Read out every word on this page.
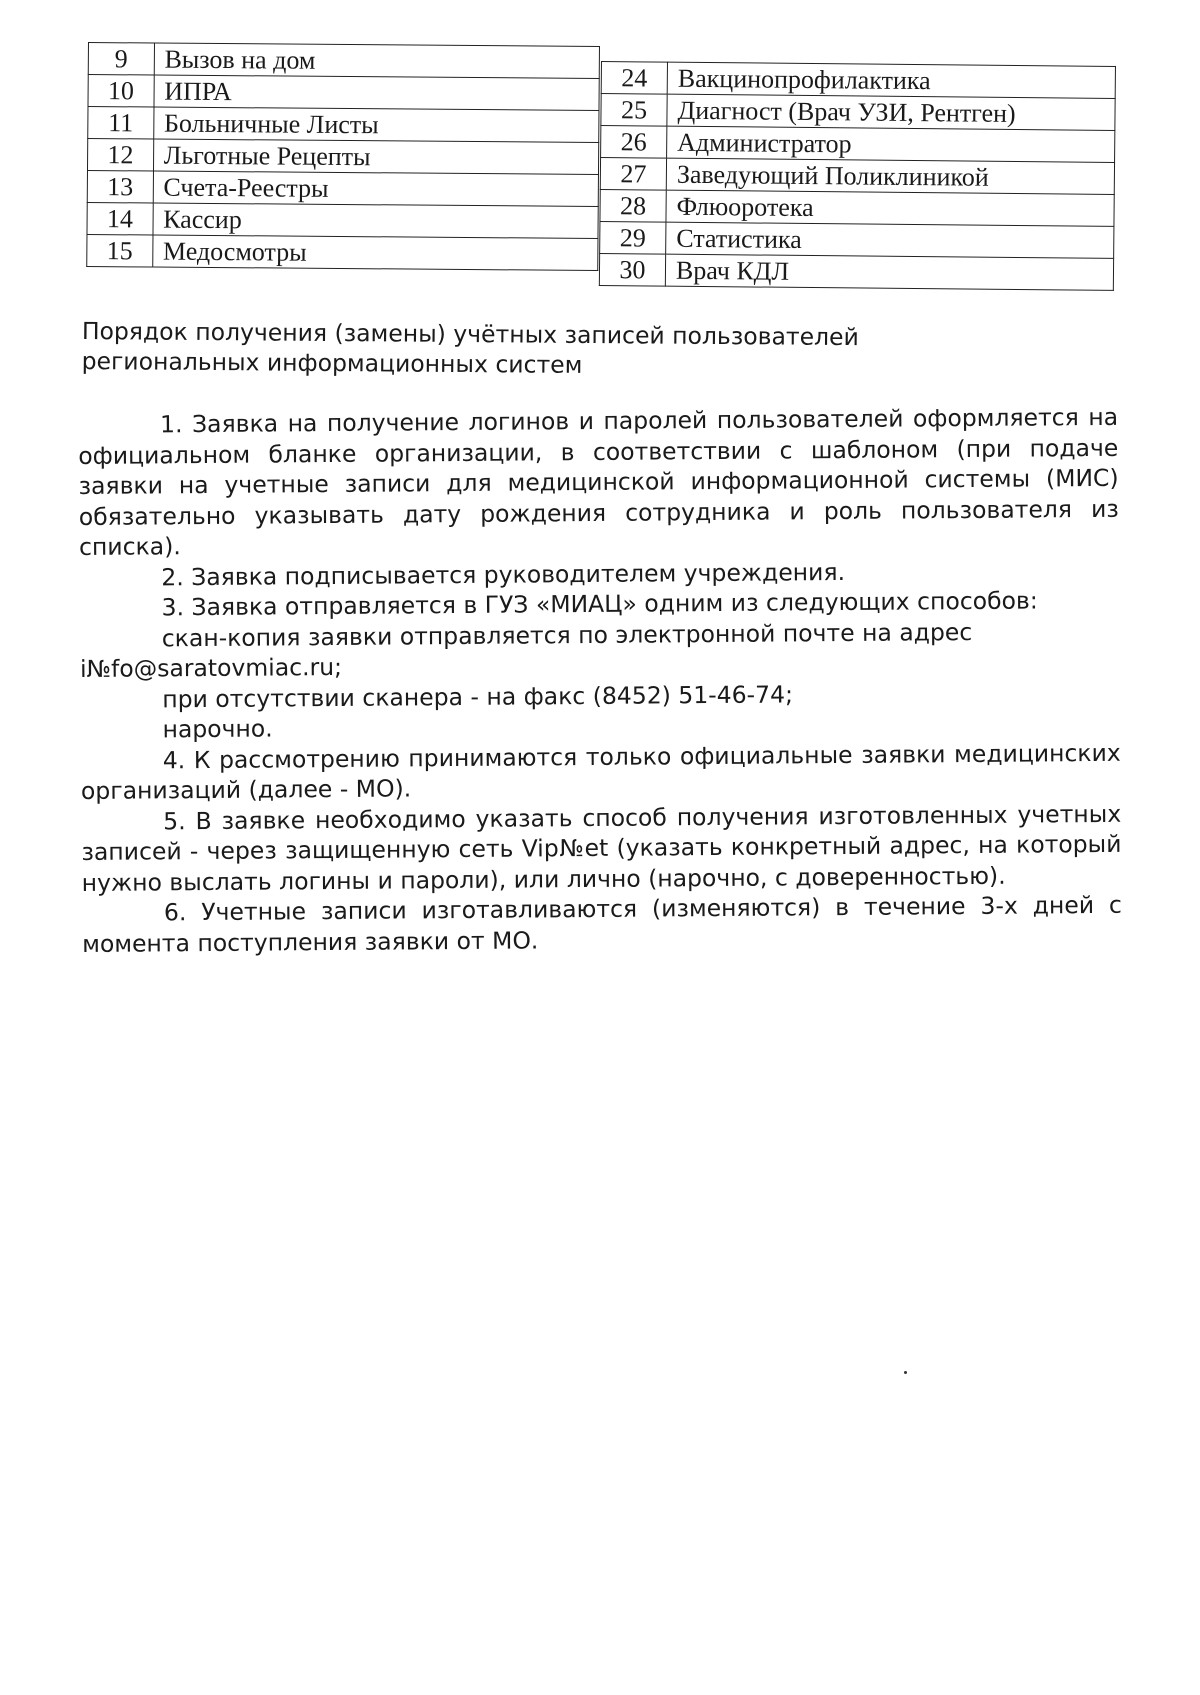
9	Вызов на дом
10	ИПРА
11	Больничные Листы
12	Льготные Рецепты
13	Счета-Реестры
14	Кассир
15	Медосмотры
24	Вакцинопрофилактика
25	Диагност (Врач УЗИ, Рентген)
26	Администратор
27	Заведующий Поликлиникой
28	Флюоротека
29	Статистика
30	Врач КДЛ
Порядок получения (замены) учётных записей пользователей региональных информационных систем

1. Заявка на получение логинов и паролей пользователей оформляется на официальном бланке организации, в соответствии с шаблоном (при подаче заявки на учетные записи для медицинской информационной системы (МИС) обязательно указывать дату рождения сотрудника и роль пользователя из списка).

2. Заявка подписывается руководителем учреждения.

3. Заявка отправляется в ГУЗ «МИАЦ» одним из следующих способов:

скан-копия заявки отправляется по электронной почте на адрес

i№fo@saratovmiac.ru;

при отсутствии сканера - на факс (8452) 51-46-74;

нарочно.

4. К рассмотрению принимаются только официальные заявки медицинских организаций (далее - МО).

5. В заявке необходимо указать способ получения изготовленных учетных записей - через защищенную сеть Vip№et (указать конкретный адрес, на который нужно выслать логины и пароли), или лично (нарочно, с доверенностью).

6. Учетные записи изготавливаются (изменяются) в течение 3-х дней с момента поступления заявки от МО.
